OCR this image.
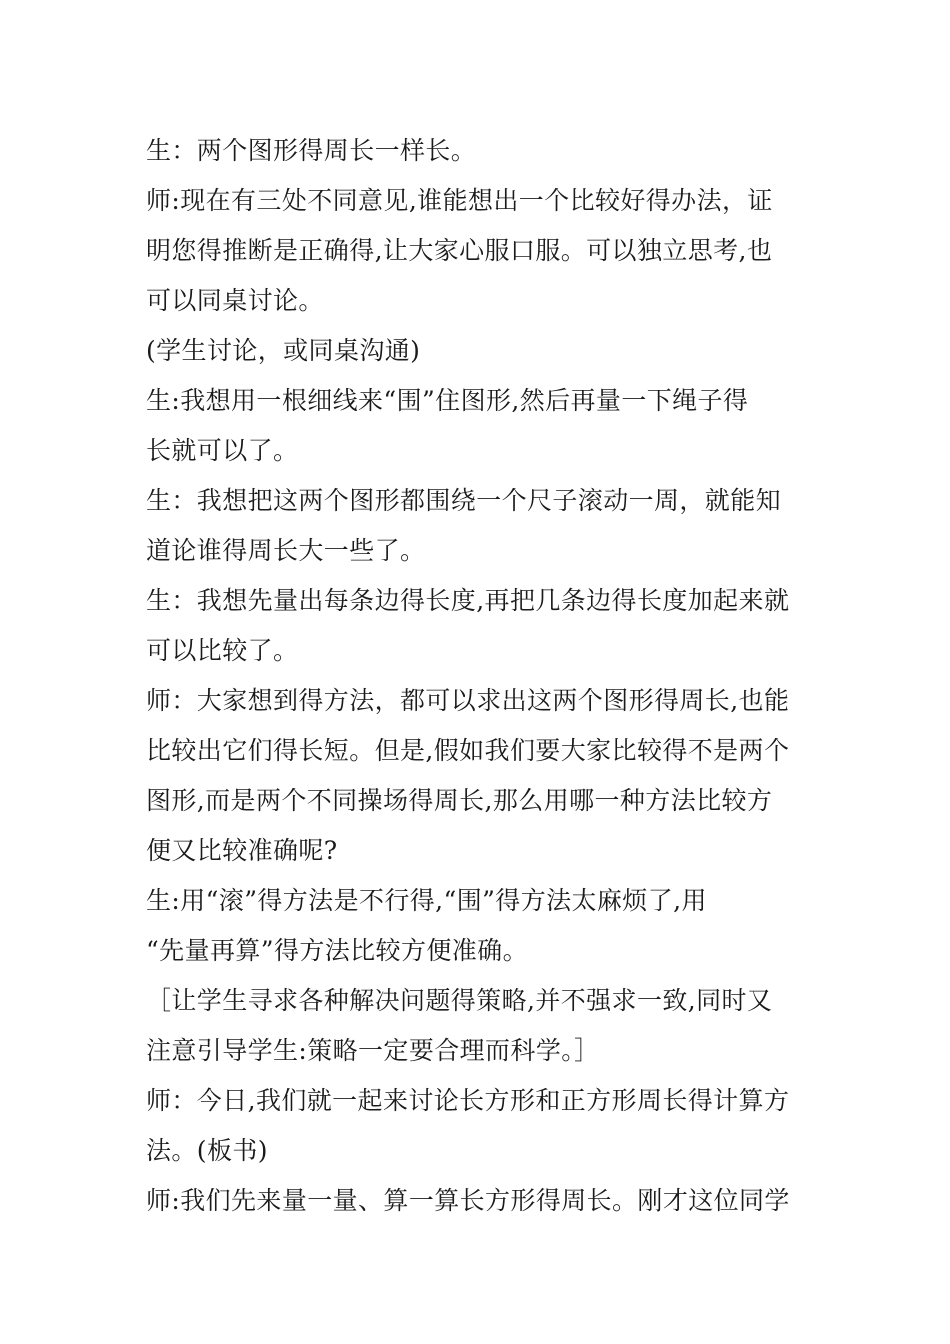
生：两个图形得周长一样长。
师:现在有三处不同意见,谁能想出一个比较好得办法，证
明您得推断是正确得,让大家心服口服。可以独立思考,也
可以同桌讨论。
(学生讨论，或同桌沟通)
生:我想用一根细线来“围”住图形,然后再量一下绳子得
长就可以了。
生：我想把这两个图形都围绕一个尺子滚动一周，就能知
道论谁得周长大一些了。
生：我想先量出每条边得长度,再把几条边得长度加起来就
可以比较了。
师：大家想到得方法，都可以求出这两个图形得周长,也能
比较出它们得长短。但是,假如我们要大家比较得不是两个
图形,而是两个不同操场得周长,那么用哪一种方法比较方
便又比较准确呢?
生:用“滚”得方法是不行得,“围”得方法太麻烦了,用
“先量再算”得方法比较方便准确。
［让学生寻求各种解决问题得策略,并不强求一致,同时又
注意引导学生:策略一定要合理而科学。］
师：今日,我们就一起来讨论长方形和正方形周长得计算方
法。(板书)
师:我们先来量一量、算一算长方形得周长。刚才这位同学
